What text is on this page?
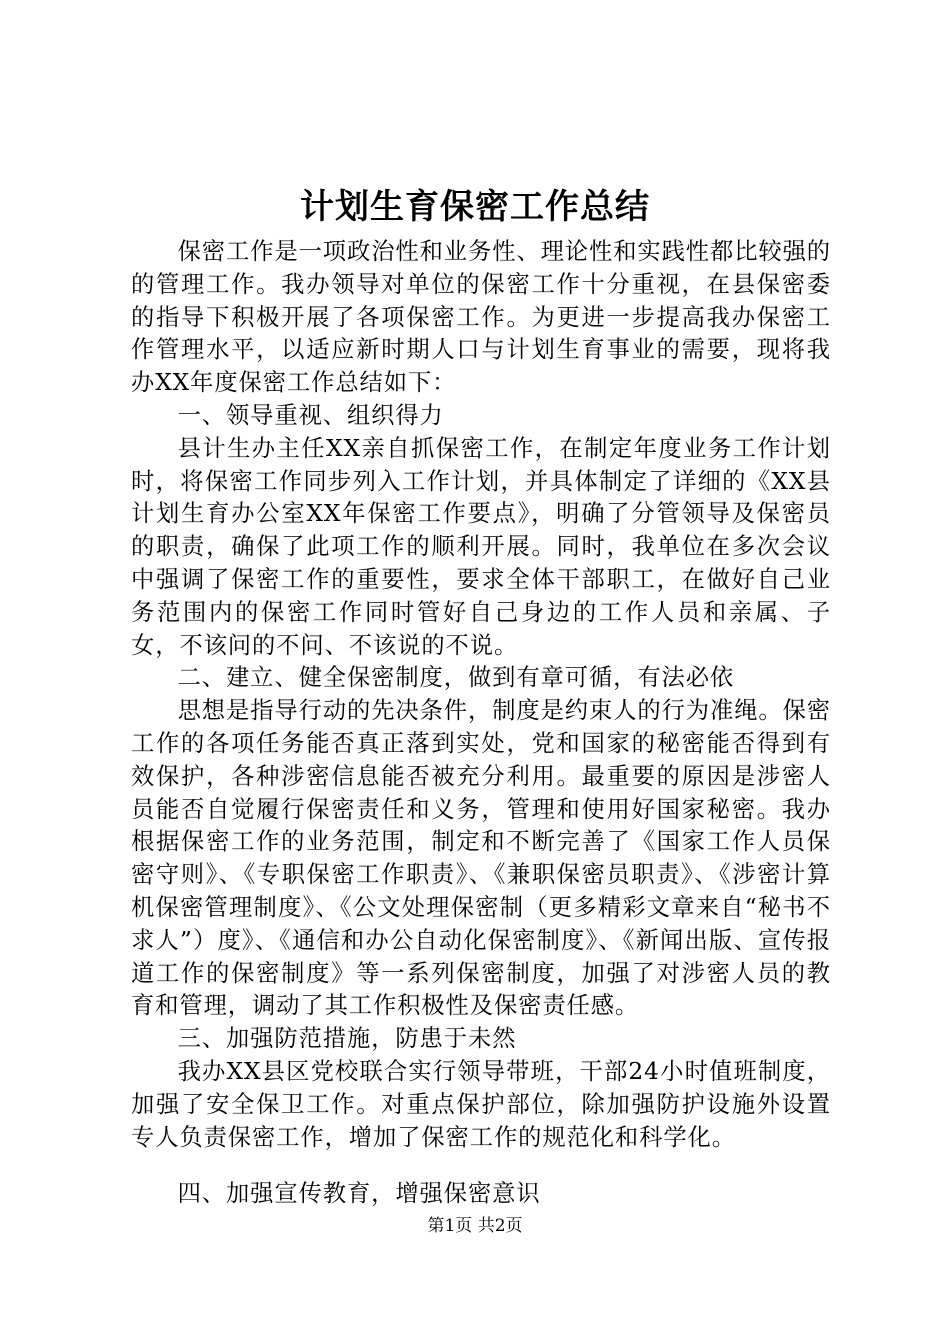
计划生育保密工作总结

保密工作是一项政治性和业务性、理论性和实践性都比较强的的管理工作。我办领导对单位的保密工作十分重视，在县保密委的指导下积极开展了各项保密工作。为更进一步提高我办保密工作管理水平，以适应新时期人口与计划生育事业的需要，现将我办XX年度保密工作总结如下：

一、领导重视、组织得力

县计生办主任XX亲自抓保密工作，在制定年度业务工作计划时，将保密工作同步列入工作计划，并具体制定了详细的《XX县计划生育办公室XX年保密工作要点》，明确了分管领导及保密员的职责，确保了此项工作的顺利开展。同时，我单位在多次会议中强调了保密工作的重要性，要求全体干部职工，在做好自己业务范围内的保密工作同时管好自己身边的工作人员和亲属、子女，不该问的不问、不该说的不说。

二、建立、健全保密制度，做到有章可循，有法必依

思想是指导行动的先决条件，制度是约束人的行为准绳。保密工作的各项任务能否真正落到实处，党和国家的秘密能否得到有效保护，各种涉密信息能否被充分利用。最重要的原因是涉密人员能否自觉履行保密责任和义务，管理和使用好国家秘密。我办根据保密工作的业务范围，制定和不断完善了《国家工作人员保密守则》、《专职保密工作职责》、《兼职保密员职责》、《涉密计算机保密管理制度》、《公文处理保密制（更多精彩文章来自“秘书不求人”）度》、《通信和办公自动化保密制度》、《新闻出版、宣传报道工作的保密制度》等一系列保密制度，加强了对涉密人员的教育和管理，调动了其工作积极性及保密责任感。

三、加强防范措施，防患于未然

我办XX县区党校联合实行领导带班，干部24小时值班制度，加强了安全保卫工作。对重点保护部位，除加强防护设施外设置专人负责保密工作，增加了保密工作的规范化和科学化。

四、加强宣传教育，增强保密意识

第1页 共2页
